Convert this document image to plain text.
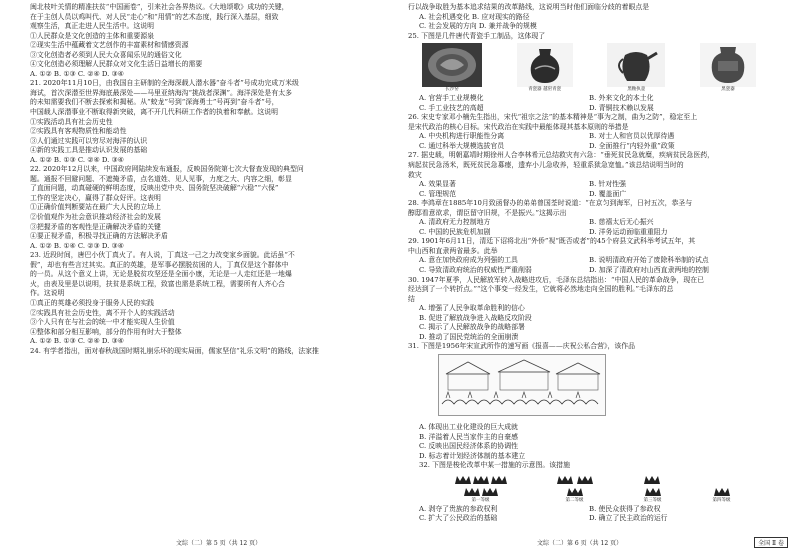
闽北枝叶关情的精准扶贫“中国画卷”，引来社会各界热议。《大地颂歌》成功的关键，
在于主创人员以鸡叫代、对人民“走心”和“用情”的艺术态度，践行深入基层，细致
观察生活，真正走进人民生活中。这说明
①人民群众是文化创造的主体和重要源泉
②现实生活中蕴藏着文艺创作的丰富素材和情感资源
③文化创造者必须到人民大众喜闻乐见的通俗文化
④文化创造必须理解人民群众对文化生活日益增长的需要
A. ①② B. ①③ C. ②④ D. ③④
21. 2020年11月10日，由我国自主研制的全海深载人潜水器“奋斗者”号成功完成万米级
海试，首次深潜至世界海底最深处——马里亚纳海沟“挑战者深渊”。海洋深处是有太多
的未知需要我们不断去探索和揭秘。从“蛟龙”号到“深海勇士”号再到“奋斗者”号，
中国载人深潜事业不断取得新突破，离不开几代科研工作者的执着和奉献。这说明
①实践活动具有社会历史性
②实践具有客观物质性和能动性
③人们通过实践可以穷尽对海洋的认识
④新的实践工具是推动认识发展的基础
A. ①② B. ①③ C. ②④ D. ③④
22. 2020年12月以来，中国政府网陆续发布通报，反映国务院第七次大督查发现的典型问
题。通报不回避问题、不遮掩矛盾，点名道姓、见人见事，力度之大、内容之细，彰显
了直面问题，动真碰硬的鲜明态度，反映出党中央、国务院坚决破解“六稳”“六保”
工作的坚定决心，赢得了群众好评。这表明
①正确价值判断要站在最广大人民的立场上
②价值观作为社会意识推动经济社会的发展
③把握矛盾的客观性是正确解决矛盾的关键
④要正视矛盾，积极寻找正确的方法解决矛盾
A. ①② B. ①④ C. ②③ D. ③④
23. 近段时间，唐巴小伙丁真火了。有人说，丁真这一己之力改变家乡面貌。此话虽“不
假”，却也有些言过其实。真正的英雄，是军事必摆脱贫困的人，丁真仅是这个群体中
的一员。从这个意义上讲，无论是脱贫攻坚还是全面小康，无论是一人走红还是一地爆
火，由表及里是以说明，扶贫是系统工程，致富也需是系统工程，需要所有人齐心合
作。这说明
①真正的英雄必须投身于服务人民的实践
②实践具有社会历史性，离不开个人的实践活动
③个人只有在与社会的统一中才能实现人生价值
④整体和部分相互影响，部分的作用有时大于整体
A. ①② B. ①③ C. ②④ D. ③④
24. 有学者指出，面对春秋战国时期礼崩乐坏的现实局面，儒家坚信“礼乐文明”的路线，法家推
文综（二）第 5 页（共 12 页）
行以战争取胜为基本追求结果的改革路线，这说明当时他们面临分歧的着眼点是
A. 社会机遇变化 B. 应对现实的路径
C. 社会发展的方向 D. 兼并战争的规模
25. 下图是几件唐代青瓷手工制品，这体现了
长沙窑	青瓷器 越窑青瓷	黑釉执壶	黑瓷器
A. 官营手工业规模化	B. 外来文化的本土化
C. 手工业技艺的高超	D. 青铜技术赖以发展
26. 宋史专家邓小楠先生指出，宋代“祖宗之法”的基本精神是“事为之制，曲为之防”，稳定至上
是宋代政治的核心目标。宋代政治在实践中最能体现其基本原则的举措是
A. 中央机构进行职能性分离	B. 对士人和官员以优厚待遇
C. 通过科举大规模选拔官员	D. 全面推行“内轻外重”政策
27. 据史载，明朝嘉靖时期徐州人合李林希元总结救灾有六急：“垂死贫民急就糜，疾病贫民急医药，
病起贫民急汤米，既死贫民急募瘗，遗弃小儿急收养，轻重系狱急宽恤。”该总结说明当时的
救灾
A. 效果显著	B. 针对性强
C. 管理规范	D. 覆盖面广
28. 李鸿章在1885年10月致函督办的弟弟曾国荃时说道：“在京匀到海军，日衬五次，恭圣与
醇邸看意欲求，谓臣留守旧规，不是振兴。”这揭示出
A. 清政府无力控制地方	B. 慈禧太后无心振兴
C. 中国的民族危机加剧	D. 洋务运动面临重重阻力
29. 1901年6月11日，清廷下诏将北出“外侨”视“既否或者”的45个府县文武科举考试五年，其
中山西和直隶两省最多。此举
A. 意在加快政府成为列强的工具	B. 说明清政府开始了废除科举制的试点
C. 导致清政府统治的权威性严重削弱	D. 加深了清政府对山西直隶两地的控制
30. 1947年夏季，人民解放军转入战略进攻后，毛泽东总结指出：“中国人民的革命战争，现在已
经达到了一个转折点。”“这个事变一经发生，它就将必然地走向全国的胜利。”毛泽东的总
结
A. 增强了人民争取革命胜利的信心
B. 促进了解放战争进入战略反攻阶段
C. 揭示了人民解放战争的战略部署
D. 推动了国民党统治的全面崩溃
31. 下图是1956年宋宣武所作的速写画《报喜——庆祝公私合营》，该作品
A. 体现出工业化建设的巨大成就
B. 洋溢着人民当家作主的自豪感
C. 反映出国民经济体系的协调性
D. 标志着计划经济体制的基本建立
32. 下图是梭伦改革中某一措施的示意图。该措施
第一等级	第二等级	第三等级	第四等级
A. 剥夺了贵族的参政权利	B. 使民众获得了参政权
C. 扩大了公民政治的基础	D. 确立了民主政治的运行
文综（二）第 6 页（共 12 页）	全国 Ⅱ 卷
